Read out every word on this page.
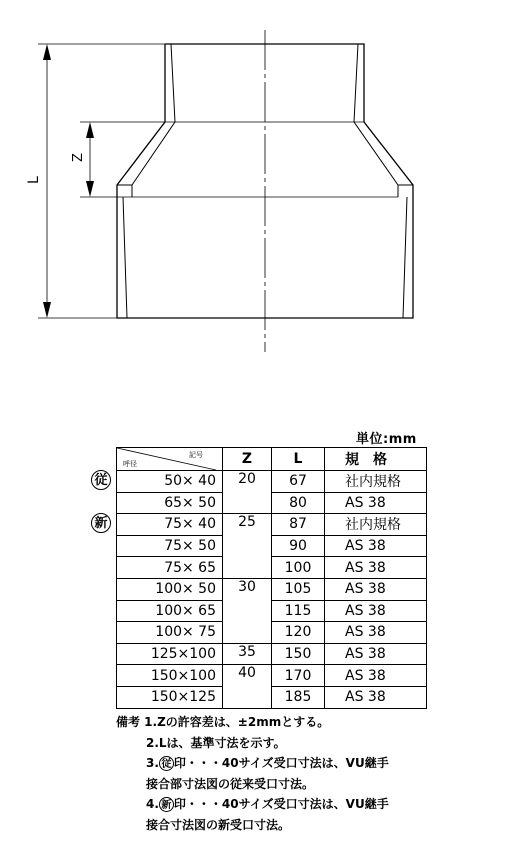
L
Z
単位:mm
従
新
記号
呼径	Z	L	規　格
50× 40	20	67	社内規格
65× 50		80	AS 38
75× 40	25	87	社内規格
75× 50		90	AS 38
75× 65		100	AS 38
100× 50	30	105	AS 38
100× 65		115	AS 38
100× 75		120	AS 38
125×100	35	150	AS 38
150×100	40	170	AS 38
150×125		185	AS 38
備考 1.Zの許容差は、±2mmとする。
2.Lは、基準寸法を示す。
3. 従 印・・・40サイズ受口寸法は、VU継手
接合部寸法図の従来受口寸法。
4. 新 印・・・40サイズ受口寸法は、VU継手
接合寸法図の新受口寸法。
